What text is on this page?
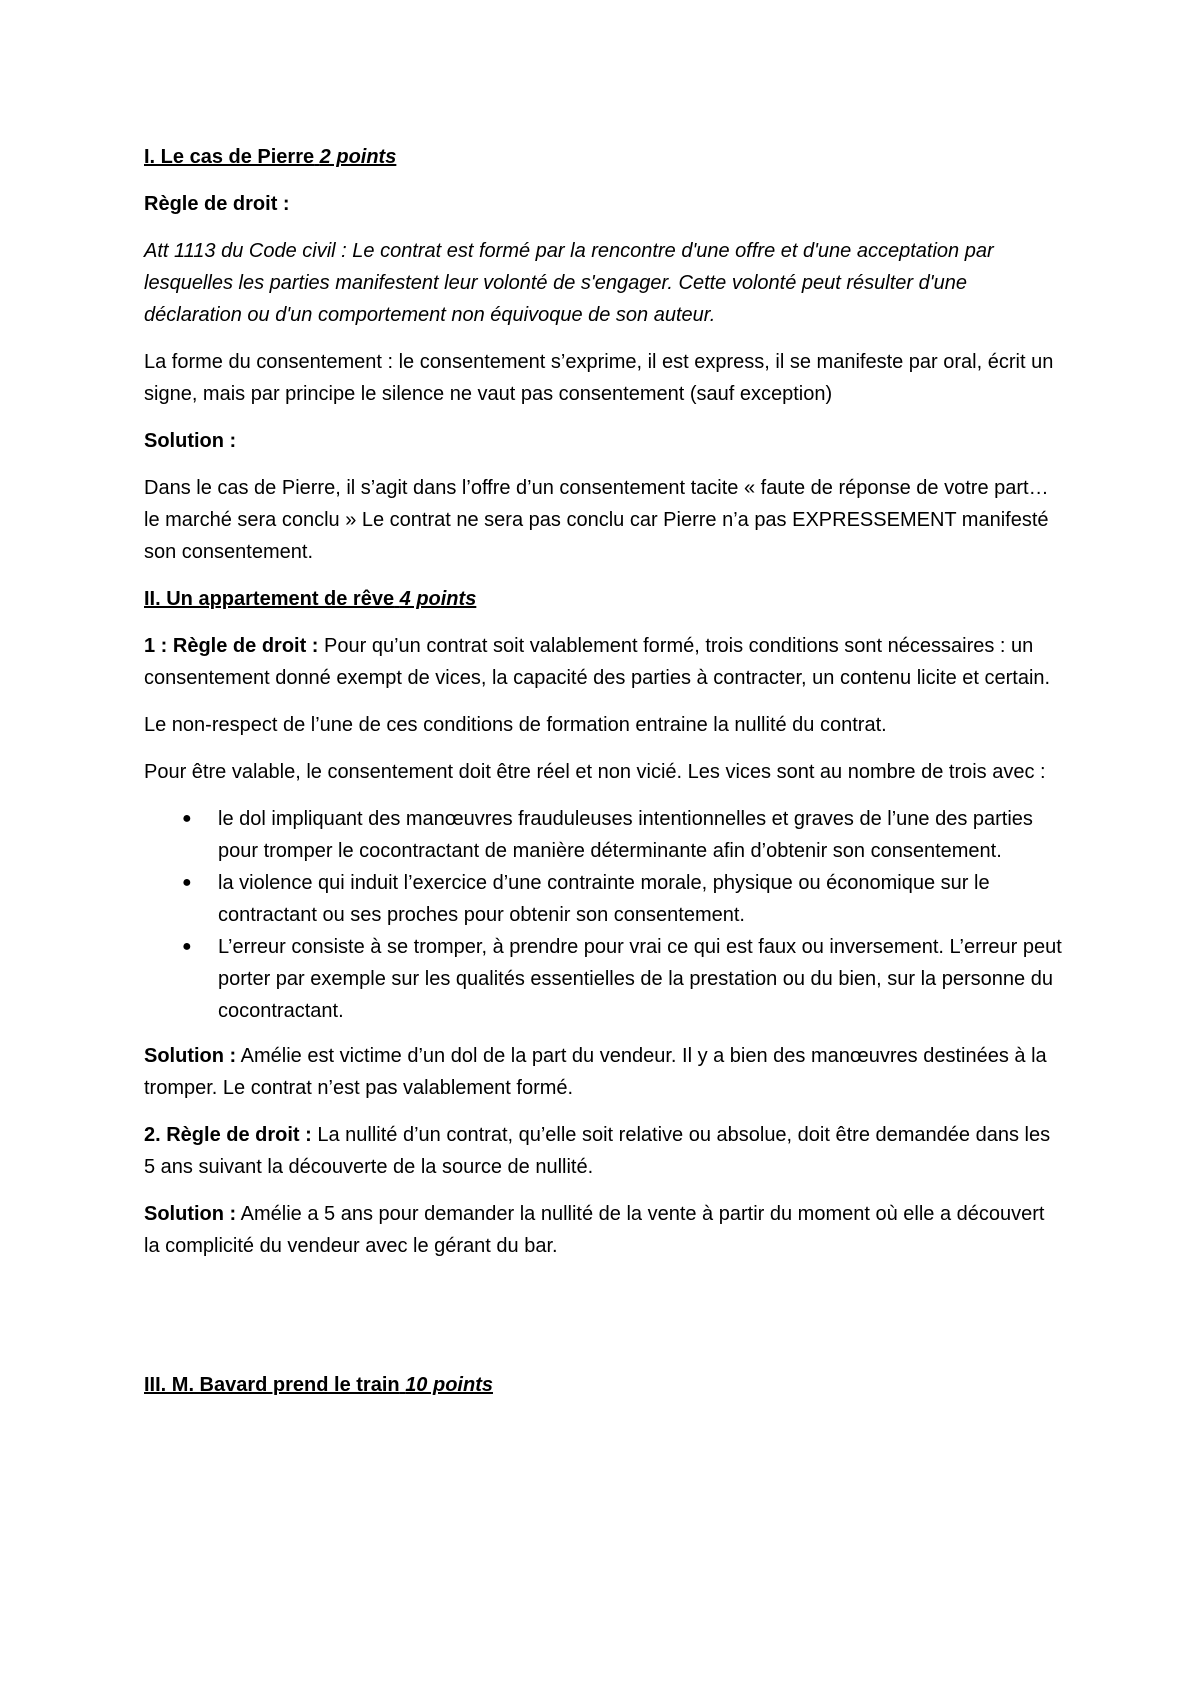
I. Le cas de Pierre 2 points
Règle de droit :

Att 1113 du Code civil : Le contrat est formé par la rencontre d'une offre et d'une acceptation par lesquelles les parties manifestent leur volonté de s'engager. Cette volonté peut résulter d'une déclaration ou d'un comportement non équivoque de son auteur.

La forme du consentement : le consentement s’exprime, il est express, il se manifeste par oral, écrit un signe, mais par principe le silence ne vaut pas consentement (sauf exception)

Solution :

Dans le cas de Pierre, il s’agit dans l’offre d’un consentement tacite « faute de réponse de votre part…le marché sera conclu » Le contrat ne sera pas conclu car Pierre n’a pas EXPRESSEMENT manifesté son consentement.

II. Un appartement de rêve 4 points

1 : Règle de droit : Pour qu’un contrat soit valablement formé, trois conditions sont nécessaires : un consentement donné exempt de vices, la capacité des parties à contracter, un contenu licite et certain.

Le non-respect de l’une de ces conditions de formation entraine la nullité du contrat.

Pour être valable, le consentement doit être réel et non vicié. Les vices sont au nombre de trois avec :

● le dol impliquant des manœuvres frauduleuses intentionnelles et graves de l’une des parties pour tromper le cocontractant de manière déterminante afin d’obtenir son consentement.
● la violence qui induit l’exercice d’une contrainte morale, physique ou économique sur le contractant ou ses proches pour obtenir son consentement.
● L’erreur consiste à se tromper, à prendre pour vrai ce qui est faux ou inversement. L’erreur peut porter par exemple sur les qualités essentielles de la prestation ou du bien, sur la personne du cocontractant.

Solution : Amélie est victime d’un dol de la part du vendeur. Il y a bien des manœuvres destinées à la tromper. Le contrat n’est pas valablement formé.

2. Règle de droit : La nullité d’un contrat, qu’elle soit relative ou absolue, doit être demandée dans les 5 ans suivant la découverte de la source de nullité.

Solution : Amélie a 5 ans pour demander la nullité de la vente à partir du moment où elle a découvert la complicité du vendeur avec le gérant du bar.

III. M. Bavard prend le train 10 points
